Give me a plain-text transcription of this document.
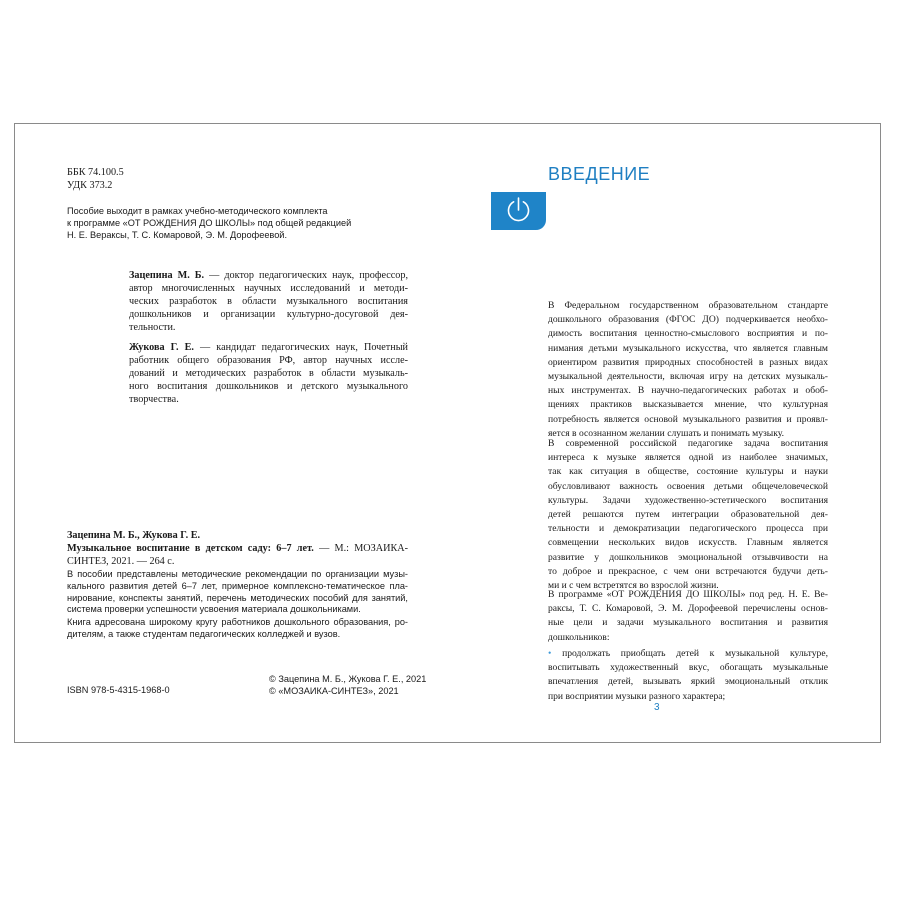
ББК 74.100.5
УДК 373.2
Пособие выходит в рамках учебно-методического комплекта
к программе «ОТ РОЖДЕНИЯ ДО ШКОЛЫ» под общей редакцией
Н. Е. Вераксы, Т. С. Комаровой, Э. М. Дорофеевой.
Зацепина М. Б. — доктор педагогических наук, профессор,
автор многочисленных научных исследований и методи-
ческих разработок в области музыкального воспитания
дошкольников и организации культурно-досуговой дея-
тельности.
Жукова Г. Е. — кандидат педагогических наук, Почетный
работник общего образования РФ, автор научных иссле-
дований и методических разработок в области музыкаль-
ного воспитания дошкольников и детского музыкального
творчества.
Зацепина М. Б., Жукова Г. Е.
Музыкальное воспитание в детском саду: 6–7 лет. — М.: МОЗАИКА-
СИНТЕЗ, 2021. — 264 с.
В пособии представлены методические рекомендации по организации музы-
кального развития детей 6–7 лет, примерное комплексно-тематическое пла-
нирование, конспекты занятий, перечень методических пособий для занятий,
система проверки успешности усвоения материала дошкольниками.
Книга адресована широкому кругу работников дошкольного образования, ро-
дителям, а также студентам педагогических колледжей и вузов.
ISBN 978-5-4315-1968-0
© Зацепина М. Б., Жукова Г. Е., 2021
© «МОЗАИКА-СИНТЕЗ», 2021
ВВЕДЕНИЕ
В Федеральном государственном образовательном стандарте
дошкольного образования (ФГОС ДО) подчеркивается необхо-
димость воспитания ценностно-смыслового восприятия и по-
нимания детьми музыкального искусства, что является главным
ориентиром развития природных способностей в разных видах
музыкальной деятельности, включая игру на детских музыкаль-
ных инструментах. В научно-педагогических работах и обоб-
щениях практиков высказывается мнение, что культурная
потребность является основой музыкального развития и проявл-
яется в осознанном желании слушать и понимать музыку.
В современной российской педагогике задача воспитания
интереса к музыке является одной из наиболее значимых,
так как ситуация в обществе, состояние культуры и науки
обусловливают важность освоения детьми общечеловеческой
культуры. Задачи художественно-эстетического воспитания
детей решаются путем интеграции образовательной дея-
тельности и демократизации педагогического процесса при
совмещении нескольких видов искусств. Главным является
развитие у дошкольников эмоциональной отзывчивости на
то доброе и прекрасное, с чем они встречаются будучи деть-
ми и с чем встретятся во взрослой жизни.
В программе «ОТ РОЖДЕНИЯ ДО ШКОЛЫ» под ред. Н. Е. Ве-
раксы, Т. С. Комаровой, Э. М. Дорофеевой перечислены основ-
ные цели и задачи музыкального воспитания и развития
дошкольников:
• продолжать приобщать детей к музыкальной культуре,
воспитывать художественный вкус, обогащать музыкальные
впечатления детей, вызывать яркий эмоциональный отклик
при восприятии музыки разного характера;
3
